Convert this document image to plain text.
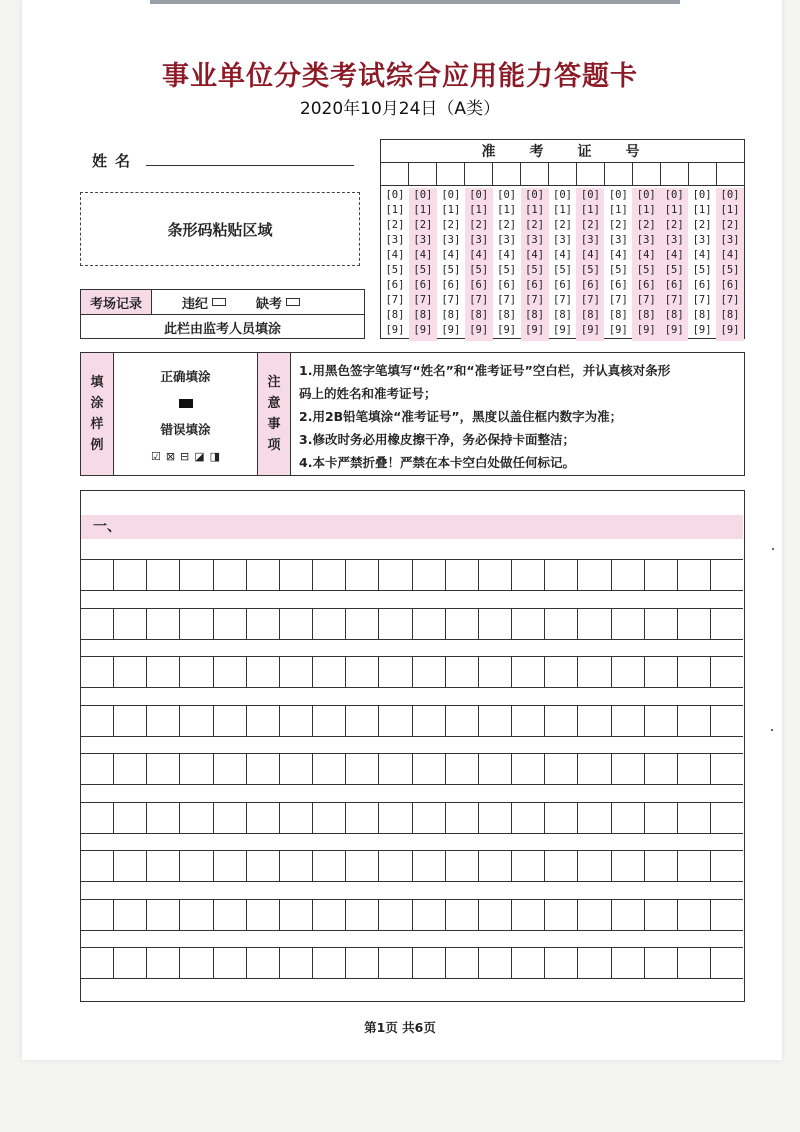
事业单位分类考试综合应用能力答题卡
2020年10月24日（A类）
姓名
条形码粘贴区域
考场记录	违纪	缺考
此栏由监考人员填涂
准考证号
[0]
[1]
[2]
[3]
[4]
[5]
[6]
[7]
[8]
[9]
[0]
[1]
[2]
[3]
[4]
[5]
[6]
[7]
[8]
[9]
[0]
[1]
[2]
[3]
[4]
[5]
[6]
[7]
[8]
[9]
[0]
[1]
[2]
[3]
[4]
[5]
[6]
[7]
[8]
[9]
[0]
[1]
[2]
[3]
[4]
[5]
[6]
[7]
[8]
[9]
[0]
[1]
[2]
[3]
[4]
[5]
[6]
[7]
[8]
[9]
[0]
[1]
[2]
[3]
[4]
[5]
[6]
[7]
[8]
[9]
[0]
[1]
[2]
[3]
[4]
[5]
[6]
[7]
[8]
[9]
[0]
[1]
[2]
[3]
[4]
[5]
[6]
[7]
[8]
[9]
[0]
[1]
[2]
[3]
[4]
[5]
[6]
[7]
[8]
[9]
[0]
[1]
[2]
[3]
[4]
[5]
[6]
[7]
[8]
[9]
[0]
[1]
[2]
[3]
[4]
[5]
[6]
[7]
[8]
[9]
[0]
[1]
[2]
[3]
[4]
[5]
[6]
[7]
[8]
[9]
填
涂
样
例
正确填涂
错误填涂
☑ ⊠ ⊟ ◪ ◨
注
意
事
项
1.用黑色签字笔填写“姓名”和“准考证号”空白栏，并认真核对条形
码上的姓名和准考证号；
2.用2B铅笔填涂“准考证号”，黑度以盖住框内数字为准；
3.修改时务必用橡皮擦干净，务必保持卡面整洁；
4.本卡严禁折叠！严禁在本卡空白处做任何标记。
一、
第1页 共6页
